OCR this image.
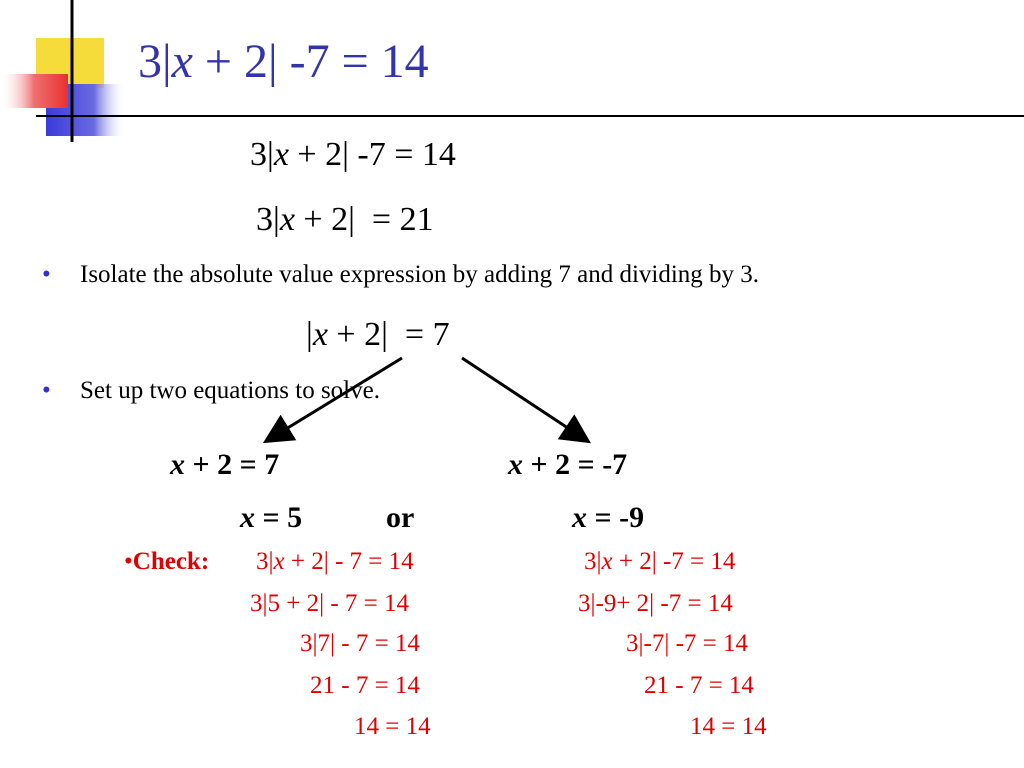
3|x + 2| -7 = 14
3|x + 2| -7 = 14
3|x + 2|  = 21
• Isolate the absolute value expression by adding 7 and dividing by 3.
|x + 2|  = 7
• Set up two equations to solve.
x + 2 = 7	x + 2 = -7
x = 5	or	x = -9
•Check: 3|x + 2| - 7 = 14
3|5 + 2| - 7 = 14
3|7| - 7 = 14
21 - 7 = 14
14 = 14
3|x + 2| -7 = 14
3|-9+ 2| -7 = 14
3|-7| -7 = 14
21 - 7 = 14
14 = 14
